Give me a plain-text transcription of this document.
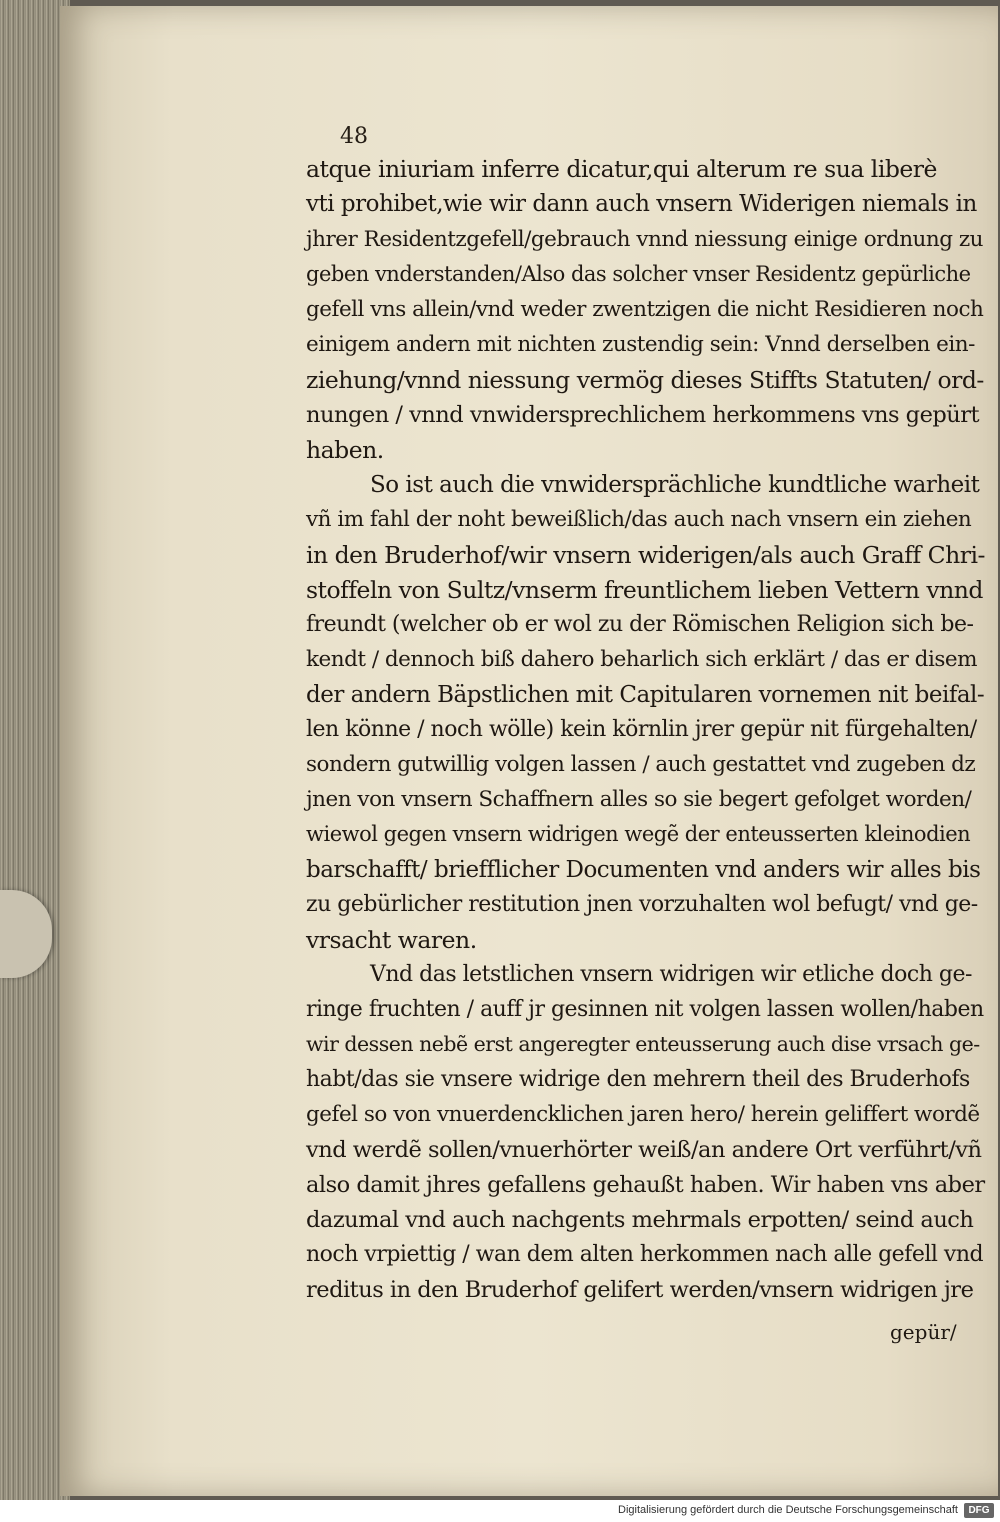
48
atque iniuriam inferre dicatur,qui alterum re sua liberè
vti prohibet,wie wir dann auch vnsern Widerigen niemals in
jhrer Residentzgefell/gebrauch vnnd niessung einige ordnung zu
geben vnderstanden/Also das solcher vnser Residentz gepürliche
gefell vns allein/vnd weder zwentzigen die nicht Residieren noch
einigem andern mit nichten zustendig sein: Vnnd derselben ein-
ziehung/vnnd niessung vermög dieses Stiffts Statuten/ ord-
nungen / vnnd vnwidersprechlichem herkommens vns gepürt
haben.
So ist auch die vnwidersprächliche kundtliche warheit
vñ im fahl der noht beweißlich/das auch nach vnsern ein ziehen
in den Bruderhof/wir vnsern widerigen/als auch Graff Chri-
stoffeln von Sultz/vnserm freuntlichem lieben Vettern vnnd
freundt (welcher ob er wol zu der Römischen Religion sich be-
kendt / dennoch biß dahero beharlich sich erklärt / das er disem
der andern Bäpstlichen mit Capitularen vornemen nit beifal-
len könne / noch wölle) kein körnlin jrer gepür nit fürgehalten/
sondern gutwillig volgen lassen / auch gestattet vnd zugeben dz
jnen von vnsern Schaffnern alles so sie begert gefolget worden/
wiewol gegen vnsern widrigen wegẽ der enteusserten kleinodien
barschafft/ briefflicher Documenten vnd anders wir alles bis
zu gebürlicher restitution jnen vorzuhalten wol befugt/ vnd ge-
vrsacht waren.
Vnd das letstlichen vnsern widrigen wir etliche doch ge-
ringe fruchten / auff jr gesinnen nit volgen lassen wollen/haben
wir dessen nebẽ erst angeregter enteusserung auch dise vrsach ge-
habt/das sie vnsere widrige den mehrern theil des Bruderhofs
gefel so von vnuerdencklichen jaren hero/ herein geliffert wordẽ
vnd werdẽ sollen/vnuerhörter weiß/an andere Ort verführt/vñ
also damit jhres gefallens gehaußt haben. Wir haben vns aber
dazumal vnd auch nachgents mehrmals erpotten/ seind auch
noch vrpiettig / wan dem alten herkommen nach alle gefell vnd
reditus in den Bruderhof gelifert werden/vnsern widrigen jre
gepür/
Digitalisierung gefördert durch die Deutsche Forschungsgemeinschaft	DFG
